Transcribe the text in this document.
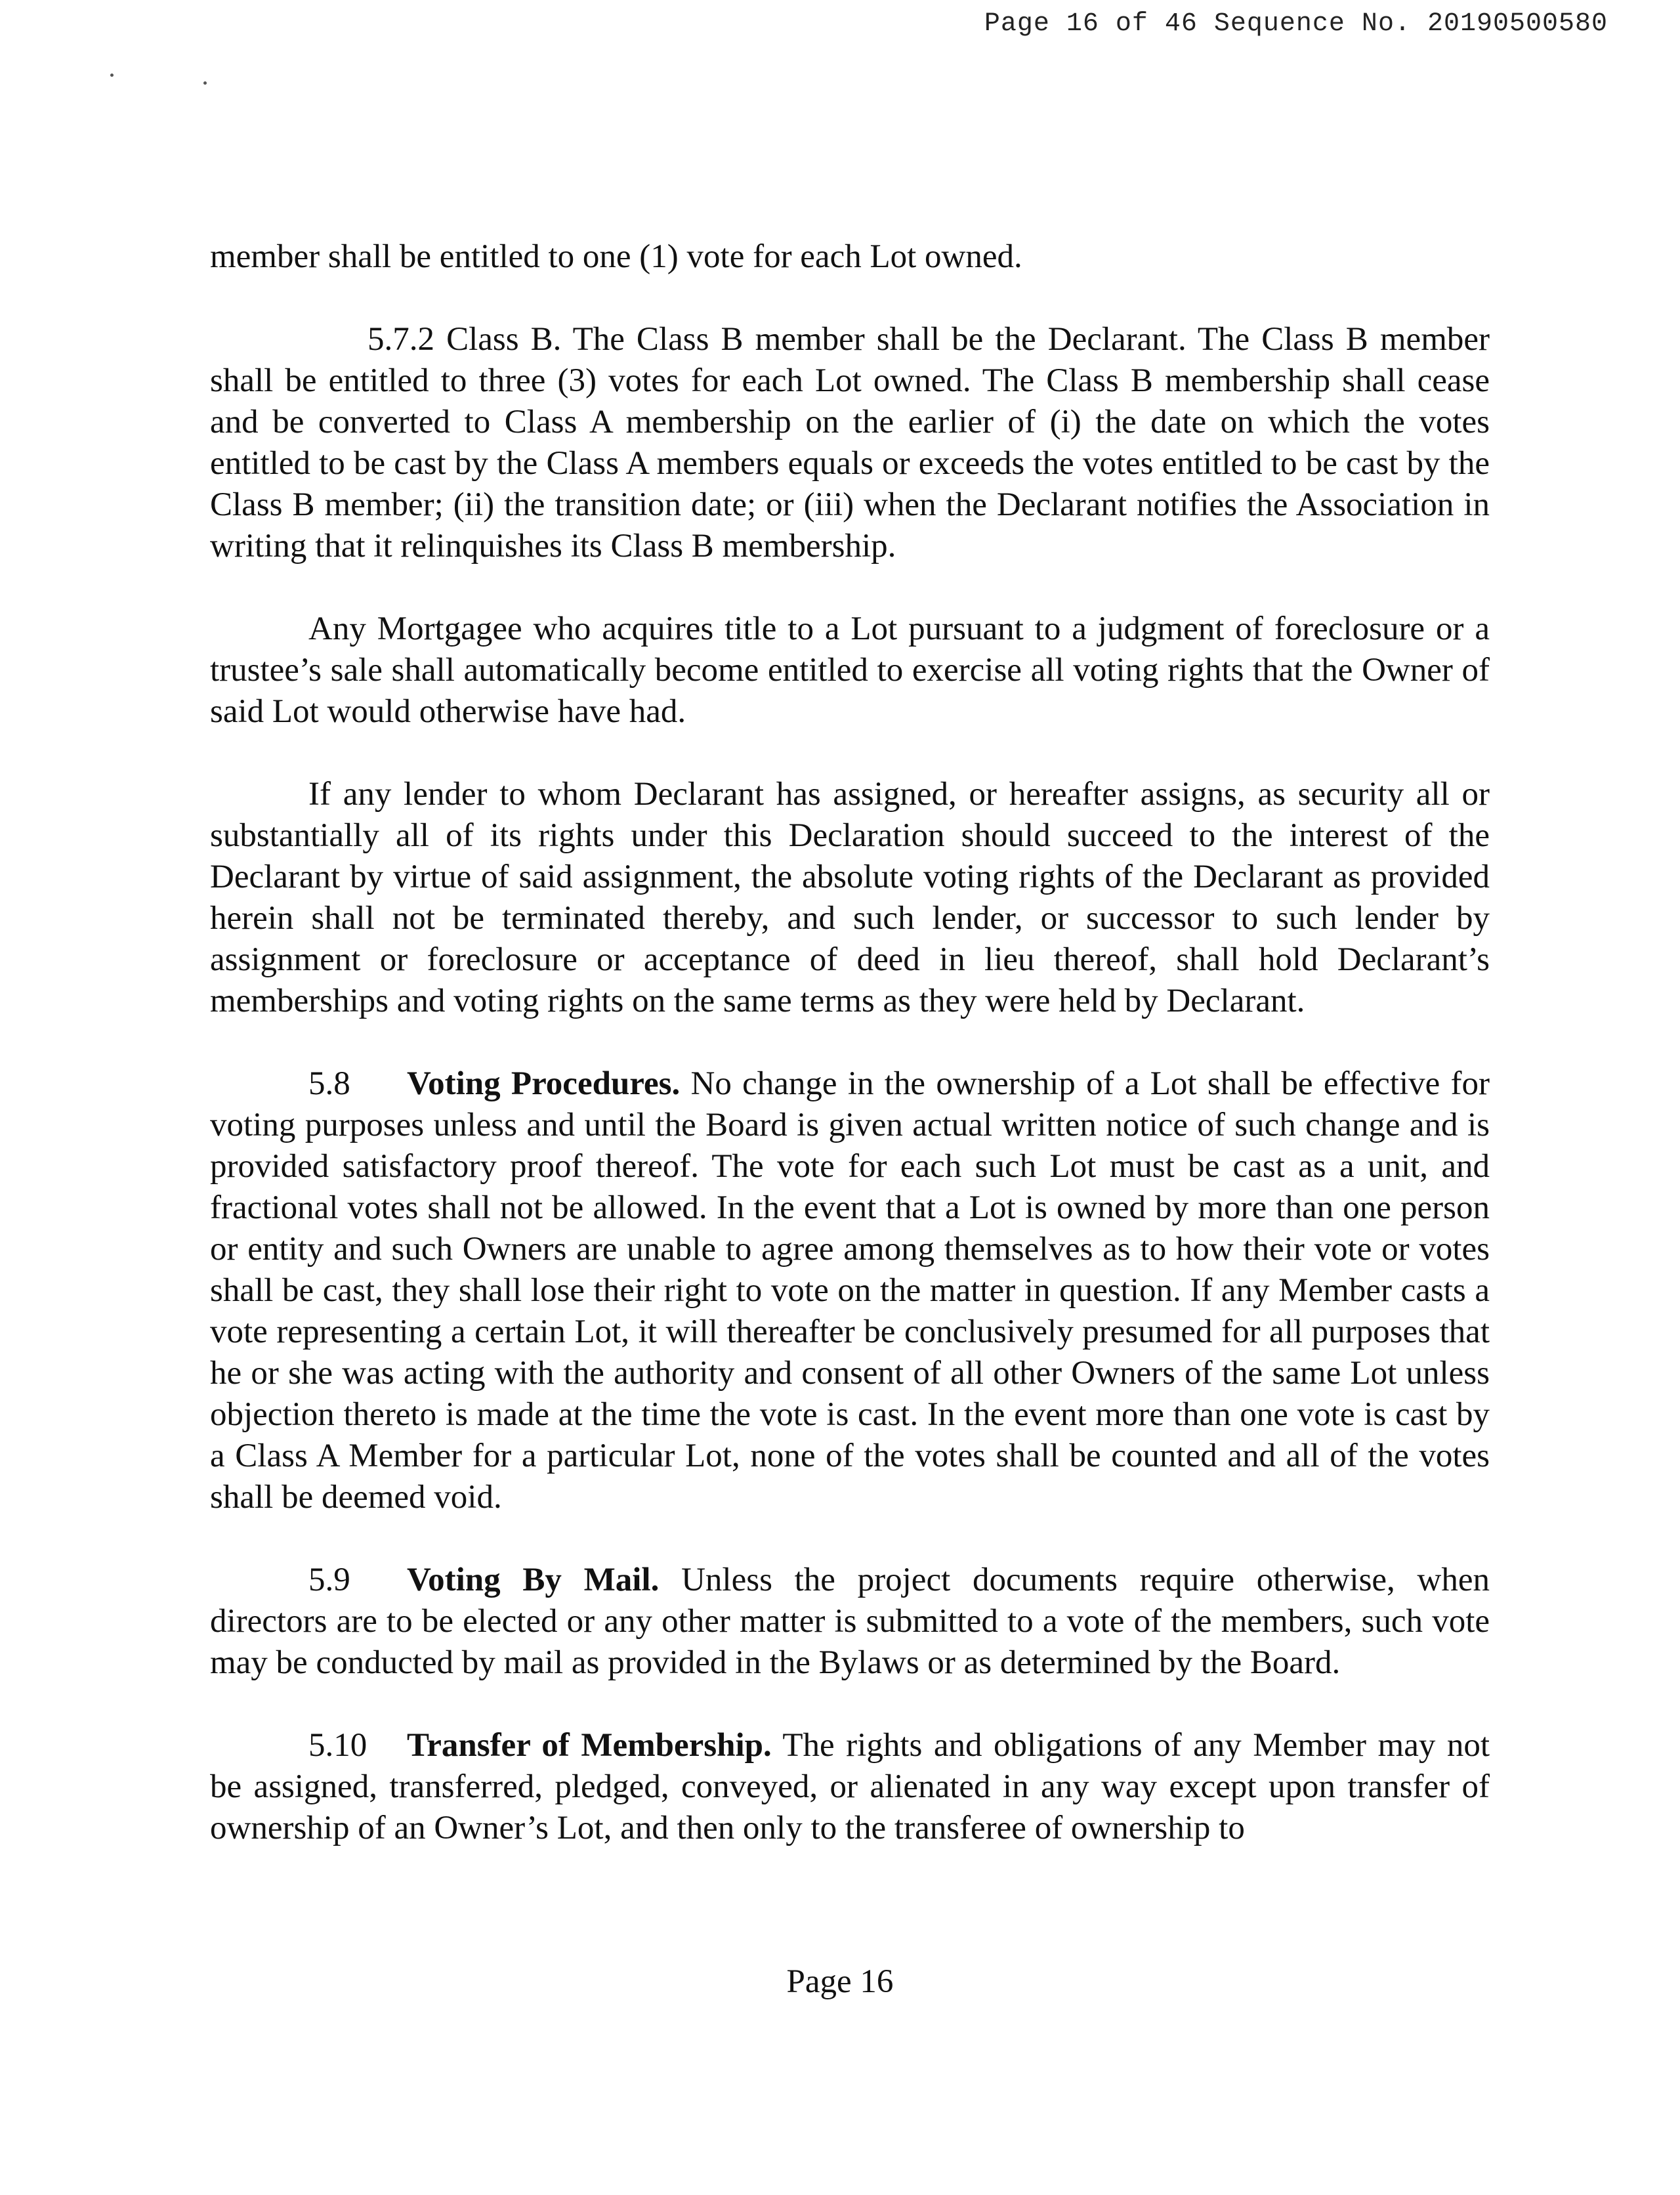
Page 16 of 46 Sequence No. 20190500580

member shall be entitled to one (1) vote for each Lot owned.

5.7.2 Class B. The Class B member shall be the Declarant. The Class B member shall be entitled to three (3) votes for each Lot owned. The Class B membership shall cease and be converted to Class A membership on the earlier of (i) the date on which the votes entitled to be cast by the Class A members equals or exceeds the votes entitled to be cast by the Class B member; (ii) the transition date; or (iii) when the Declarant notifies the Association in writing that it relinquishes its Class B membership.

Any Mortgagee who acquires title to a Lot pursuant to a judgment of foreclosure or a trustee’s sale shall automatically become entitled to exercise all voting rights that the Owner of said Lot would otherwise have had.

If any lender to whom Declarant has assigned, or hereafter assigns, as security all or substantially all of its rights under this Declaration should succeed to the interest of the Declarant by virtue of said assignment, the absolute voting rights of the Declarant as provided herein shall not be terminated thereby, and such lender, or successor to such lender by assignment or foreclosure or acceptance of deed in lieu thereof, shall hold Declarant’s memberships and voting rights on the same terms as they were held by Declarant.

5.8 Voting Procedures. No change in the ownership of a Lot shall be effective for voting purposes unless and until the Board is given actual written notice of such change and is provided satisfactory proof thereof. The vote for each such Lot must be cast as a unit, and fractional votes shall not be allowed. In the event that a Lot is owned by more than one person or entity and such Owners are unable to agree among themselves as to how their vote or votes shall be cast, they shall lose their right to vote on the matter in question. If any Member casts a vote representing a certain Lot, it will thereafter be conclusively presumed for all purposes that he or she was acting with the authority and consent of all other Owners of the same Lot unless objection thereto is made at the time the vote is cast. In the event more than one vote is cast by a Class A Member for a particular Lot, none of the votes shall be counted and all of the votes shall be deemed void.

5.9 Voting By Mail. Unless the project documents require otherwise, when directors are to be elected or any other matter is submitted to a vote of the members, such vote may be conducted by mail as provided in the Bylaws or as determined by the Board.

5.10 Transfer of Membership. The rights and obligations of any Member may not be assigned, transferred, pledged, conveyed, or alienated in any way except upon transfer of ownership of an Owner’s Lot, and then only to the transferee of ownership to

Page 16
